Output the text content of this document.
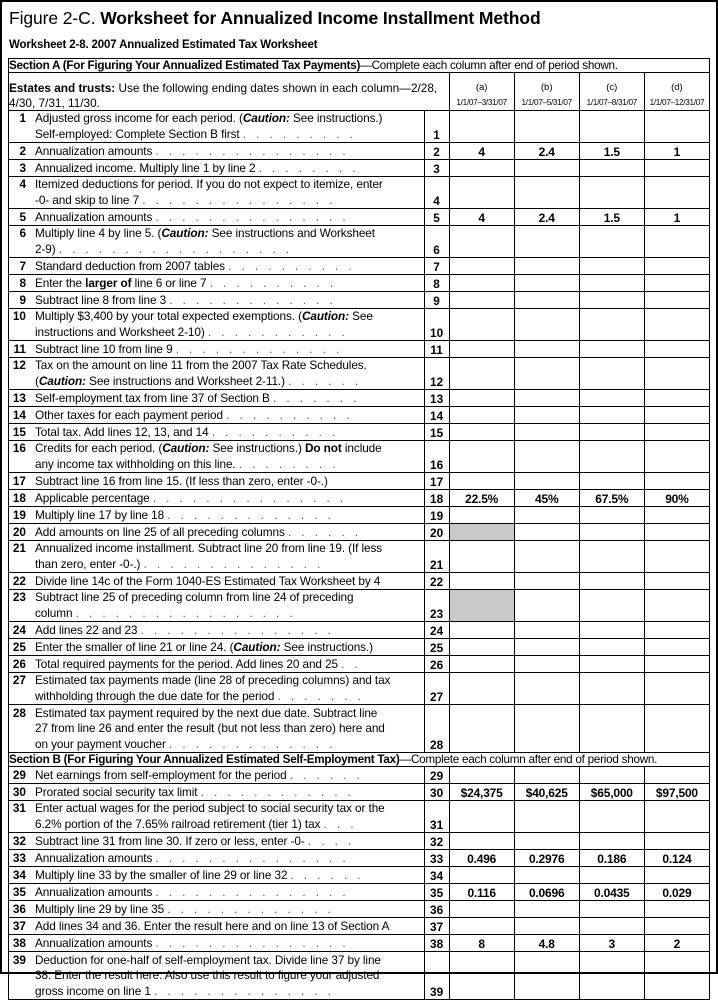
Figure 2-C. Worksheet for Annualized Income Installment Method
Worksheet 2-8. 2007 Annualized Estimated Tax Worksheet
Section A (For Figuring Your Annualized Estimated Tax Payments)—Complete each column after end of period shown.					
Estates and trusts: Use the following ending dates shown in each column—2/28, 4/30, 7/31, 11/30.		(a)
1/1/07–3/31/07	(b)
1/1/07–5/31/07	(c)
1/1/07–8/31/07	(d)
1/1/07–12/31/07

1 Adjusted gross income for each period. (Caution: See instructions.)
Self-employed: Complete Section B first . . . . . . . . .	1				

2 Annualization amounts . . . . . . . . . . . . . . .	2	4	2.4	1.5	1

3 Annualized income. Multiply line 1 by line 2 . . . . . . . .	3				

4 Itemized deductions for period. If you do not expect to itemize, enter
-0- and skip to line 7 . . . . . . . . . . . . . . .	4				

5 Annualization amounts . . . . . . . . . . . . . . .	5	4	2.4	1.5	1

6 Multiply line 4 by line 5. (Caution: See instructions and Worksheet
2-9) . . . . . . . . . . . . . . . . . .	6				

7 Standard deduction from 2007 tables . . . . . . . . . .	7				

8 Enter the larger of line 6 or line 7 . . . . . . . . . .	8				

9 Subtract line 8 from line 3 . . . . . . . . . . . . .	9				

10 Multiply $3,400 by your total expected exemptions. (Caution: See
instructions and Worksheet 2-10) . . . . . . . . . . .	10				

11 Subtract line 10 from line 9 . . . . . . . . . . . . .	11				

12 Tax on the amount on line 11 from the 2007 Tax Rate Schedules.
(Caution: See instructions and Worksheet 2-11.) . . . . . .	12				

13 Self-employment tax from line 37 of Section B . . . . . . .	13				

14 Other taxes for each payment period . . . . . . . . . .	14				

15 Total tax. Add lines 12, 13, and 14 . . . . . . . . . .	15				

16 Credits for each period. (Caution: See instructions.) Do not include
any income tax withholding on this line. . . . . . . . .	16				

17 Subtract line 16 from line 15. (If less than zero, enter -0-.)	17				

18 Applicable percentage . . . . . . . . . . . . . . .	18	22.5%	45%	67.5%	90%

19 Multiply line 17 by line 18 . . . . . . . . . . . . .	19				

20 Add amounts on line 25 of all preceding columns . . . . . .	20				

21 Annualized income installment. Subtract line 20 from line 19. (If less
than zero, enter -0-.) . . . . . . . . . . . . . .	21				

22 Divide line 14c of the Form 1040-ES Estimated Tax Worksheet by 4	22				

23 Subtract line 25 of preceding column from line 24 of preceding
column . . . . . . . . . . . . . . . . .	23				

24 Add lines 22 and 23 . . . . . . . . . . . . . . .	24				

25 Enter the smaller of line 21 or line 24. (Caution: See instructions.)	25				

26 Total required payments for the period. Add lines 20 and 25 . .	26				

27 Estimated tax payments made (line 28 of preceding columns) and tax
withholding through the due date for the period . . . . . . .	27				

28 Estimated tax payment required by the next due date. Subtract line
27 from line 26 and enter the result (but not less than zero) here and
on your payment voucher . . . . . . . . . . . . .	28				
Section B (For Figuring Your Annualized Estimated Self-Employment Tax)—Complete each column after end of period shown.					

29 Net earnings from self-employment for the period . . . . . .	29				

30 Prorated social security tax limit . . . . . . . . . . . .	30	$24,375	$40,625	$65,000	$97,500

31 Enter actual wages for the period subject to social security tax or the
6.2% portion of the 7.65% railroad retirement (tier 1) tax . . .	31				

32 Subtract line 31 from line 30. If zero or less, enter -0- . . . .	32				

33 Annualization amounts . . . . . . . . . . . . . . .	33	0.496	0.2976	0.186	0.124

34 Multiply line 33 by the smaller of line 29 or line 32 . . . . . .	34				

35 Annualization amounts . . . . . . . . . . . . . . .	35	0.116	0.0696	0.0435	0.029

36 Multiply line 29 by line 35 . . . . . . . . . . . . .	36				

37 Add lines 34 and 36. Enter the result here and on line 13 of Section A	37				

38 Annualization amounts . . . . . . . . . . . . . . .	38	8	4.8	3	2

39 Deduction for one-half of self-employment tax. Divide line 37 by line
38. Enter the result here. Also use this result to figure your adjusted
gross income on line 1 . . . . . . . . . . . . . .	39				
